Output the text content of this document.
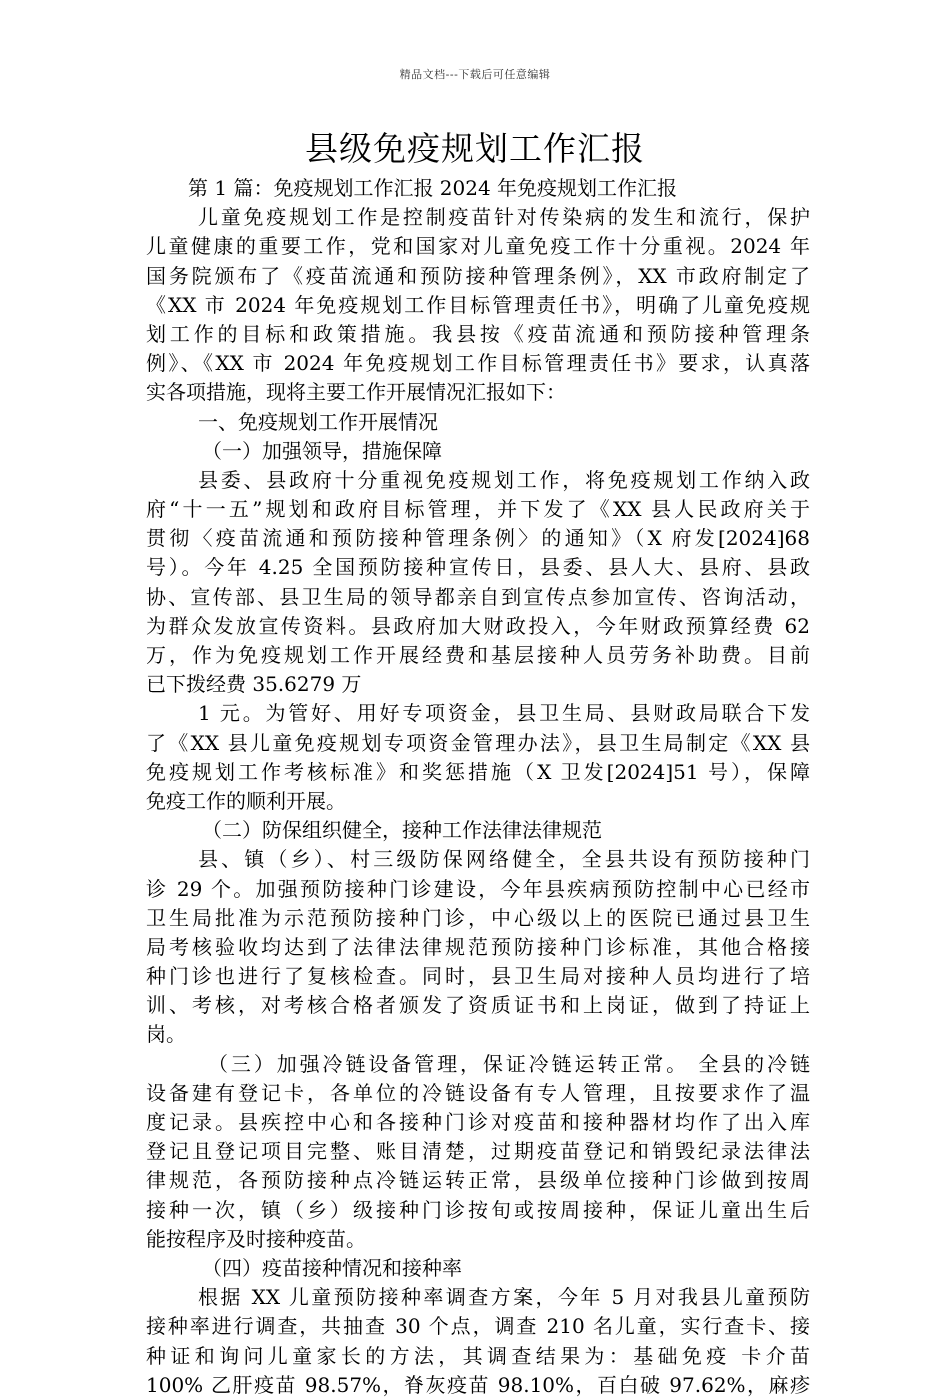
精品文档---下载后可任意编辑
县级免疫规划工作汇报
第 1 篇：免疫规划工作汇报 2024 年免疫规划工作汇报
儿童免疫规划工作是控制疫苗针对传染病的发生和流行，保护
儿童健康的重要工作，党和国家对儿童免疫工作十分重视。2024 年
国务院颁布了《疫苗流通和预防接种管理条例》，XX 市政府制定了
《XX 市 2024 年免疫规划工作目标管理责任书》，明确了儿童免疫规
划工作的目标和政策措施。我县按《疫苗流通和预防接种管理条
例》、《XX 市 2024 年免疫规划工作目标管理责任书》要求，认真落
实各项措施，现将主要工作开展情况汇报如下：
一、免疫规划工作开展情况
（一）加强领导，措施保障
县委、县政府十分重视免疫规划工作，将免疫规划工作纳入政
府“十一五”规划和政府目标管理，并下发了《XX 县人民政府关于
贯彻〈疫苗流通和预防接种管理条例〉的通知》（X 府发[2024]68
号）。今年 4.25 全国预防接种宣传日，县委、县人大、县府、县政
协、宣传部、县卫生局的领导都亲自到宣传点参加宣传、咨询活动，
为群众发放宣传资料。县政府加大财政投入，今年财政预算经费 62
万，作为免疫规划工作开展经费和基层接种人员劳务补助费。目前
已下拨经费 35.6279 万
1 元。为管好、用好专项资金，县卫生局、县财政局联合下发
了《XX 县儿童免疫规划专项资金管理办法》，县卫生局制定《XX 县
免疫规划工作考核标准》和奖惩措施（X 卫发[2024]51 号），保障
免疫工作的顺利开展。
（二）防保组织健全，接种工作法律法律规范
县、镇（乡）、村三级防保网络健全，全县共设有预防接种门
诊 29 个。加强预防接种门诊建设，今年县疾病预防控制中心已经市
卫生局批准为示范预防接种门诊，中心级以上的医院已通过县卫生
局考核验收均达到了法律法律规范预防接种门诊标准，其他合格接
种门诊也进行了复核检查。同时，县卫生局对接种人员均进行了培
训、考核，对考核合格者颁发了资质证书和上岗证，做到了持证上
岗。
（三）加强冷链设备管理，保证冷链运转正常。 全县的冷链
设备建有登记卡，各单位的冷链设备有专人管理，且按要求作了温
度记录。县疾控中心和各接种门诊对疫苗和接种器材均作了出入库
登记且登记项目完整、账目清楚，过期疫苗登记和销毁纪录法律法
律规范，各预防接种点冷链运转正常，县级单位接种门诊做到按周
接种一次，镇（乡）级接种门诊按旬或按周接种，保证儿童出生后
能按程序及时接种疫苗。
（四）疫苗接种情况和接种率
根据 XX 儿童预防接种率调查方案，今年 5 月对我县儿童预防
接种率进行调查，共抽查 30 个点，调查 210 名儿童，实行查卡、接
种证和询问儿童家长的方法，其调查结果为：基础免疫 卡介苗
100% 乙肝疫苗 98.57%，脊灰疫苗 98.10%，百白破 97.62%，麻疹
